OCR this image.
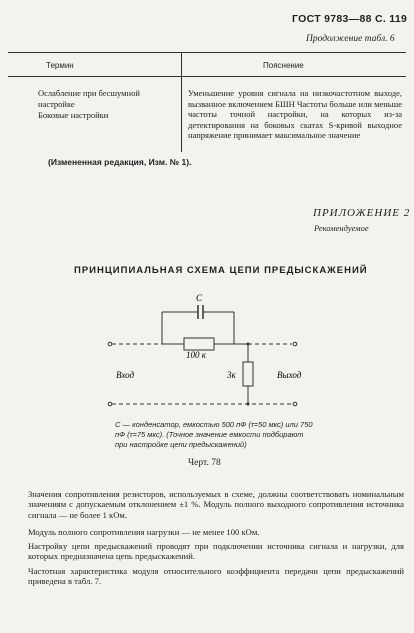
ГОСТ 9783—88 С. 119
Продолжение табл. 6
Термин	Пояснение
Ослабление при бесшумной настройке
Боковые настройки
Уменьшение уровня сигнала на низкочастотном выходе, вызванное включением БШН Частоты больше или меньше частоты точной настройки, на которых из-за детектирования на боковых скатах S-кривой выходное напряжение принимает максимальное значение
(Измененная редакция, Изм. № 1).
ПРИЛОЖЕНИЕ 2
Рекомендуемое
ПРИНЦИПИАЛЬНАЯ СХЕМА ЦЕПИ ПРЕДЫСКАЖЕНИЙ
C
100 к
3к
Вход	Выход
С — конденсатор, емкостью 500 пФ (τ=50 мкс) или 750 пФ (τ=75 мкс). (Точное значение емкости подбирают при настройке цепи предыскажений)
Черт. 78
Значения сопротивления резисторов, используемых в схеме, должны соответствовать номинальным значениям с допускаемым отклонением ±1 %. Модуль полного выходного сопротивления источника сигнала — не более 1 кОм.
Модуль полного сопротивления нагрузки — не менее 100 кОм.
Настройку цепи предыскажений проводят при подключении источника сигнала и нагрузки, для которых предназначена цепь предыскажений.
Частотная характеристика модуля относительного коэффициента передачи цепи предыскажений приведена в табл. 7.
